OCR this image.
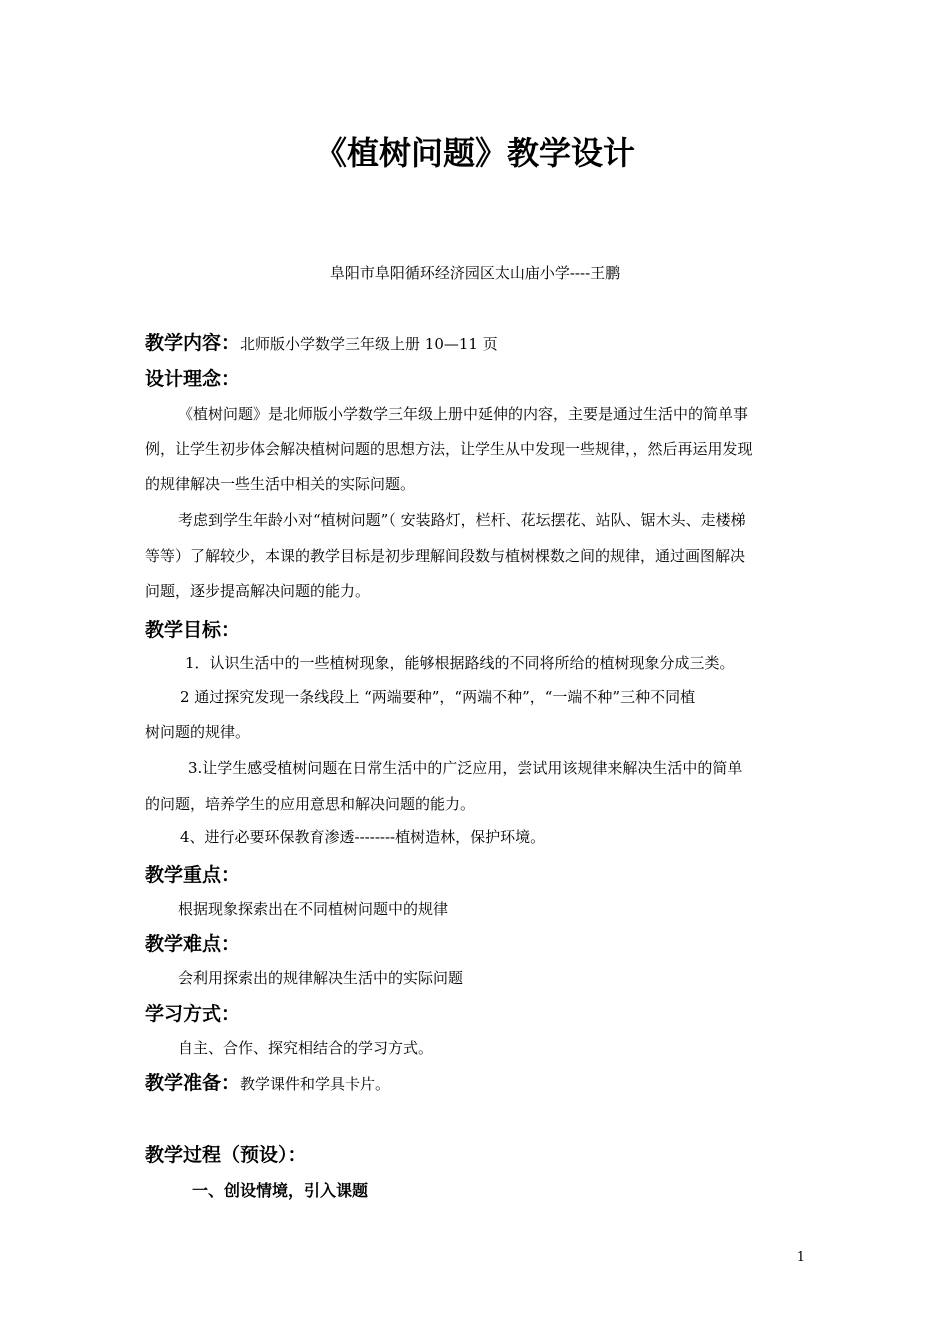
《植树问题》教学设计
阜阳市阜阳循环经济园区太山庙小学----王鹏
教学内容：北师版小学数学三年级上册 10—11 页
设计理念：
《植树问题》是北师版小学数学三年级上册中延伸的内容，主要是通过生活中的简单事
例，让学生初步体会解决植树问题的思想方法，让学生从中发现一些规律，，然后再运用发现
的规律解决一些生活中相关的实际问题。
考虑到学生年龄小对“植树问题”（ 安装路灯，栏杆、花坛摆花、站队、锯木头、走楼梯
等等）了解较少，本课的教学目标是初步理解间段数与植树棵数之间的规律，通过画图解决
问题，逐步提高解决问题的能力。
教学目标：
1．认识生活中的一些植树现象，能够根据路线的不同将所给的植树现象分成三类。
2 通过探究发现一条线段上 “两端要种”，“两端不种”，“一端不种”三种不同植
树问题的规律。
3.让学生感受植树问题在日常生活中的广泛应用，尝试用该规律来解决生活中的简单
的问题，培养学生的应用意思和解决问题的能力。
4、进行必要环保教育渗透--------植树造林，保护环境。
教学重点：
根据现象探索出在不同植树问题中的规律
教学难点：
会利用探索出的规律解决生活中的实际问题
学习方式：
自主、合作、探究相结合的学习方式。
教学准备：教学课件和学具卡片。
教学过程（预设）：
一、创设情境，引入课题
1
